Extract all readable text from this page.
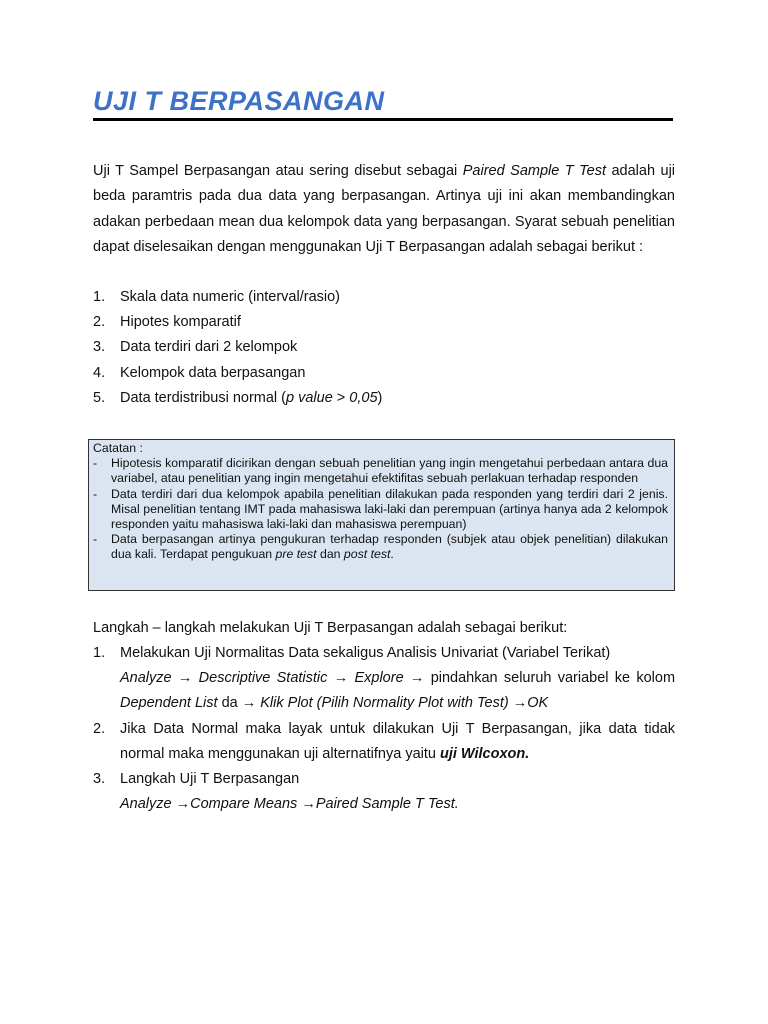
UJI T BERPASANGAN

Uji T Sampel Berpasangan atau sering disebut sebagai Paired Sample T Test adalah uji beda paramtris pada dua data yang berpasangan. Artinya uji ini akan membandingkan adakan perbedaan mean dua kelompok data yang berpasangan. Syarat sebuah penelitian dapat diselesaikan dengan menggunakan Uji T Berpasangan adalah sebagai berikut :

1. Skala data numeric (interval/rasio)
2. Hipotes komparatif
3. Data terdiri dari 2 kelompok
4. Kelompok data berpasangan
5. Data terdistribusi normal (p value > 0,05)

Catatan :

- Hipotesis komparatif dicirikan dengan sebuah penelitian yang ingin mengetahui perbedaan antara dua variabel, atau penelitian yang ingin mengetahui efektifitas sebuah perlakuan terhadap responden
- Data terdiri dari dua kelompok apabila penelitian dilakukan pada responden yang terdiri dari 2 jenis. Misal penelitian tentang IMT pada mahasiswa laki-laki dan perempuan (artinya hanya ada 2 kelompok responden yaitu mahasiswa laki-laki dan mahasiswa perempuan)
- Data berpasangan artinya pengukuran terhadap responden (subjek atau objek penelitian) dilakukan dua kali. Terdapat pengukuan pre test dan post test.

Langkah – langkah melakukan Uji T Berpasangan adalah sebagai berikut:

1. Melakukan Uji Normalitas Data sekaligus Analisis Univariat (Variabel Terikat)
Analyze → Descriptive Statistic → Explore → pindahkan seluruh variabel ke kolom Dependent List da → Klik Plot (Pilih Normality Plot with Test) →OK
2. Jika Data Normal maka layak untuk dilakukan Uji T Berpasangan, jika data tidak normal maka menggunakan uji alternatifnya yaitu uji Wilcoxon.
3. Langkah Uji T Berpasangan
Analyze →Compare Means →Paired Sample T Test.
